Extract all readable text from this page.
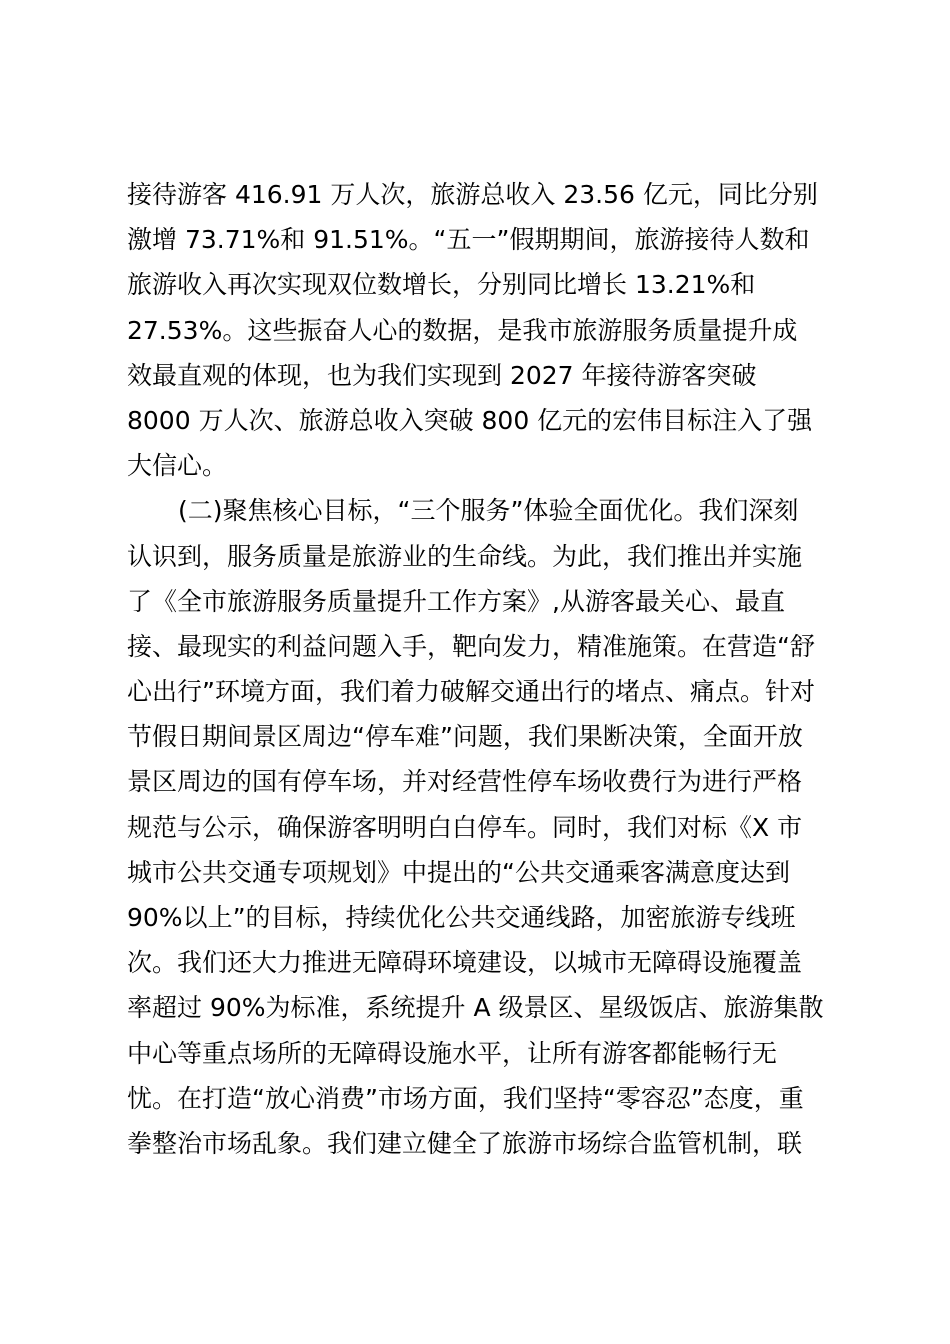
接待游客 416.91 万人次，旅游总收入 23.56 亿元，同比分别
激增 73.71%和 91.51%。“五一”假期期间，旅游接待人数和
旅游收入再次实现双位数增长，分别同比增长 13.21%和
27.53%。这些振奋人心的数据，是我市旅游服务质量提升成
效最直观的体现，也为我们实现到 2027 年接待游客突破
8000 万人次、旅游总收入突破 800 亿元的宏伟目标注入了强
大信心。
(二)聚焦核心目标，“三个服务”体验全面优化。我们深刻
认识到，服务质量是旅游业的生命线。为此，我们推出并实施
了《全市旅游服务质量提升工作方案》,从游客最关心、最直
接、最现实的利益问题入手，靶向发力，精准施策。在营造“舒
心出行”环境方面，我们着力破解交通出行的堵点、痛点。针对
节假日期间景区周边“停车难”问题，我们果断决策，全面开放
景区周边的国有停车场，并对经营性停车场收费行为进行严格
规范与公示，确保游客明明白白停车。同时，我们对标《X 市
城市公共交通专项规划》中提出的“公共交通乘客满意度达到
90%以上”的目标，持续优化公共交通线路，加密旅游专线班
次。我们还大力推进无障碍环境建设，以城市无障碍设施覆盖
率超过 90%为标准，系统提升 A 级景区、星级饭店、旅游集散
中心等重点场所的无障碍设施水平，让所有游客都能畅行无
忧。在打造“放心消费”市场方面，我们坚持“零容忍”态度，重
拳整治市场乱象。我们建立健全了旅游市场综合监管机制，联
